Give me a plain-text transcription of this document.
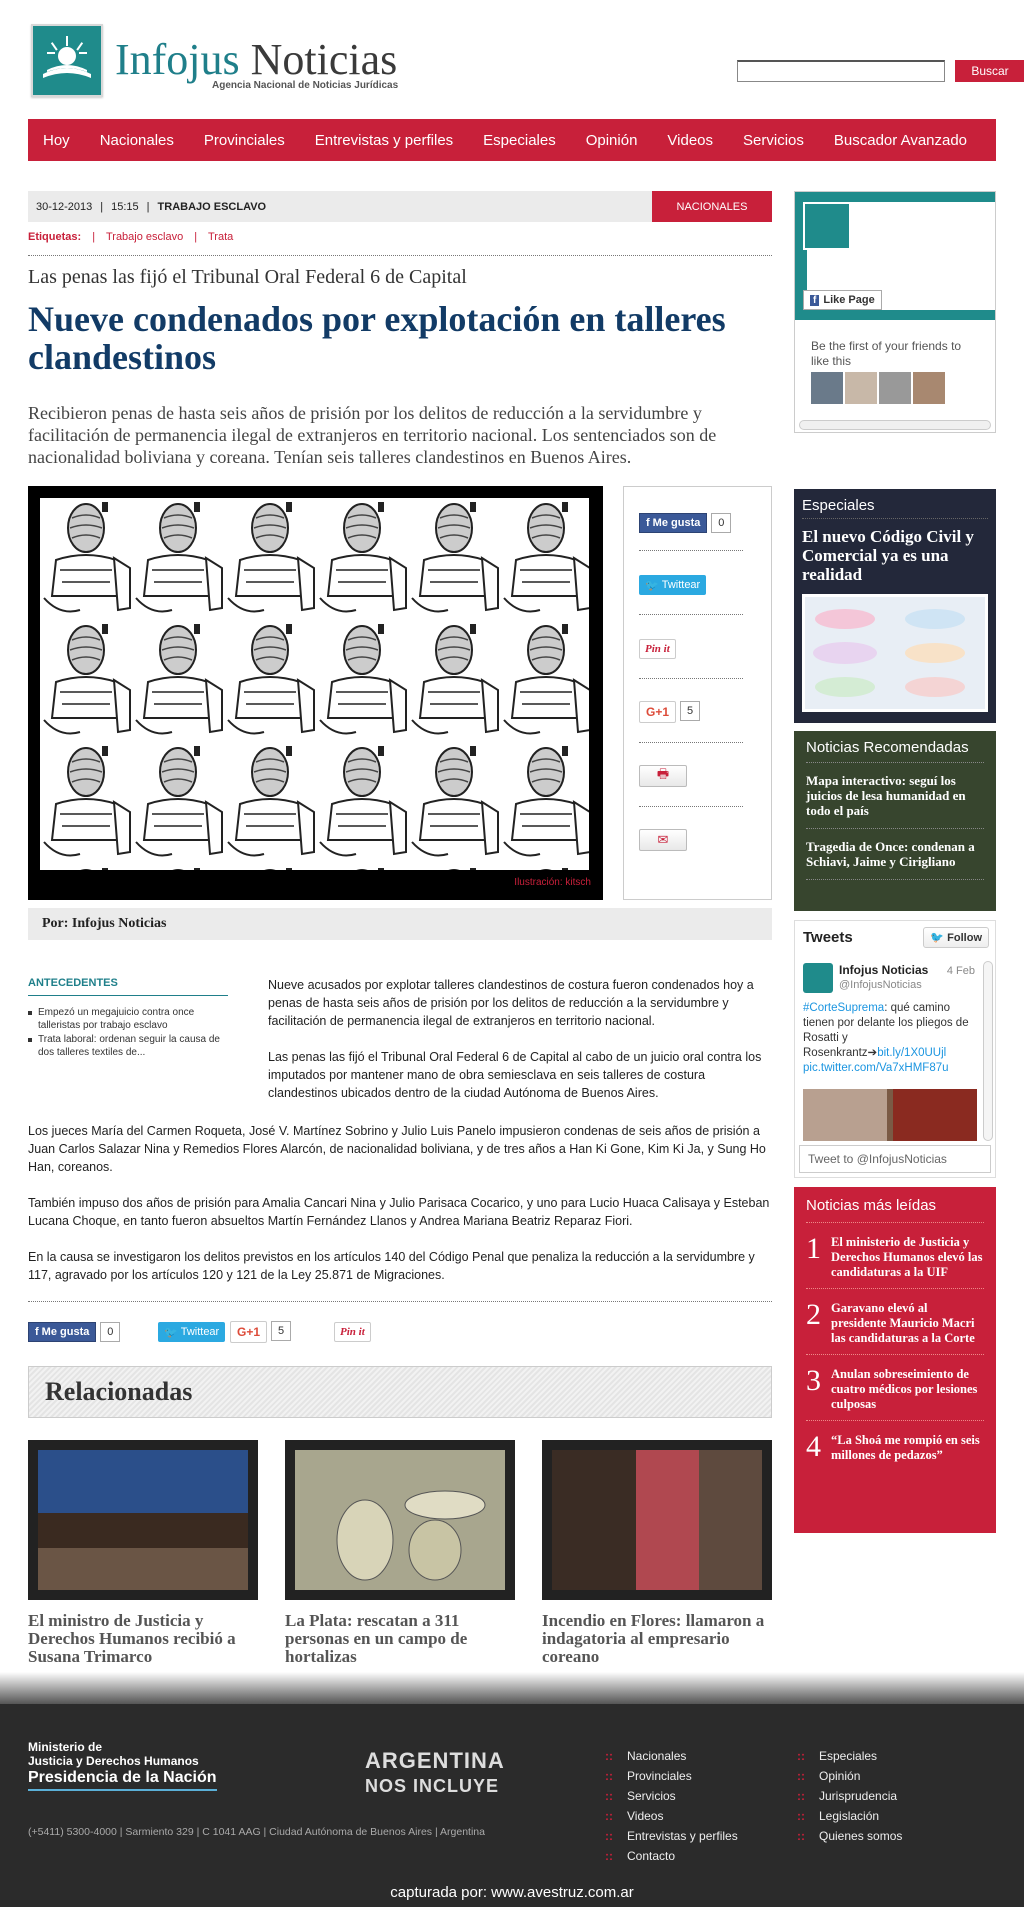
Infojus Noticias
Agencia Nacional de Noticias Jurídicas
Buscar
Hoy	Nacionales	Provinciales	Entrevistas y perfiles	Especiales	Opinión	Videos	Servicios	Buscador Avanzado
30-12-2013 | 15:15 | TRABAJO ESCLAVO	NACIONALES
Etiquetas: | Trabajo esclavo | Trata
Las penas las fijó el Tribunal Oral Federal 6 de Capital
Nueve condenados por explotación en talleres clandestinos

Recibieron penas de hasta seis años de prisión por los delitos de reducción a la servidumbre y facilitación de permanencia ilegal de extranjeros en territorio nacional. Los sentenciados son de nacionalidad boliviana y coreana. Tenían seis talleres clandestinos en Buenos Aires.

Ilustración: kitsch
f Me gusta	0
🐦 Twittear
Pin it
G+1	5
🖶
✉
Por: Infojus Noticias
ANTECEDENTES
Empezó un megajuicio contra once talleristas por trabajo esclavo
Trata laboral: ordenan seguir la causa de dos talleres textiles de...

Nueve acusados por explotar talleres clandestinos de costura fueron condenados hoy a penas de hasta seis años de prisión por los delitos de reducción a la servidumbre y facilitación de permanencia ilegal de extranjeros en territorio nacional.

Las penas las fijó el Tribunal Oral Federal 6 de Capital al cabo de un juicio oral contra los imputados por mantener mano de obra semiesclava en seis talleres de costura clandestinos ubicados dentro de la ciudad Autónoma de Buenos Aires.

Los jueces María del Carmen Roqueta, José V. Martínez Sobrino y Julio Luis Panelo impusieron condenas de seis años de prisión a Juan Carlos Salazar Nina y Remedios Flores Alarcón, de nacionalidad boliviana, y de tres años a Han Ki Gone, Kim Ki Ja, y Sung Ho Han, coreanos.

También impuso dos años de prisión para Amalia Cancari Nina y Julio Parisaca Cocarico, y uno para Lucio Huaca Calisaya y Esteban Lucana Choque, en tanto fueron absueltos Martín Fernández Llanos y Andrea Mariana Beatriz Reparaz Fiori.

En la causa se investigaron los delitos previstos en los artículos 140 del Código Penal que penaliza la reducción a la servidumbre y 117, agravado por los artículos 120 y 121 de la Ley 25.871 de Migraciones.

f Me gusta	0	🐦 Twittear	G+1	5	Pin it
Relacionadas
El ministro de Justicia y Derechos Humanos recibió a Susana Trimarco
La Plata: rescatan a 311 personas en un campo de hortalizas
Incendio en Flores: llamaron a indagatoria al empresario coreano
Infojus N...
36K likes
f Like Page
Be the first of your friends to like this
Especiales
El nuevo Código Civil y Comercial ya es una realidad
Noticias Recomendadas
Mapa interactivo: seguí los juicios de lesa humanidad en todo el país
Tragedia de Once: condenan a Schiavi, Jaime y Cirigliano
Tweets	🐦 Follow
Infojus Noticias
@InfojusNoticias
4 Feb
#CorteSuprema: qué camino tienen por delante los pliegos de Rosatti y Rosenkrantz➔bit.ly/1X0UUjl pic.twitter.com/Va7xHMF87u
Tweet to @InfojusNoticias
Noticias más leídas
1 El ministerio de Justicia y Derechos Humanos elevó las candidaturas a la UIF
2 Garavano elevó al presidente Mauricio Macri las candidaturas a la Corte
3 Anulan sobreseimiento de cuatro médicos por lesiones culposas
4 “La Shoá me rompió en seis millones de pedazos”
Ministerio de
Justicia y Derechos Humanos
Presidencia de la Nación
(+5411) 5300-4000 | Sarmiento 329 | C 1041 AAG | Ciudad Autónoma de Buenos Aires | Argentina
ARGENTINA
NOS INCLUYE
:: Nacionales
:: Provinciales
:: Servicios
:: Videos
:: Entrevistas y perfiles
:: Contacto
:: Especiales
:: Opinión
:: Jurisprudencia
:: Legislación
:: Quienes somos
capturada por: www.avestruz.com.ar
